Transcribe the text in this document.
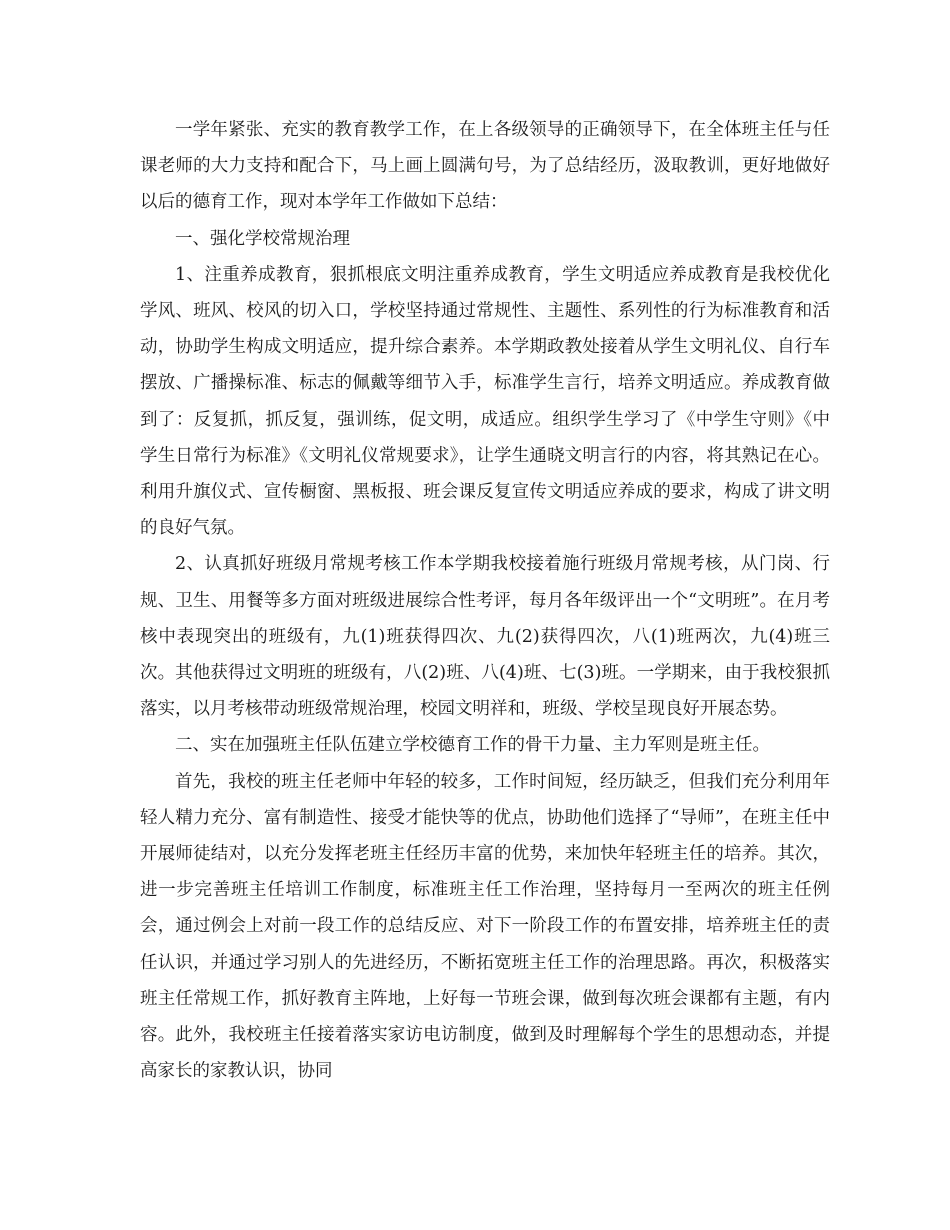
一学年紧张、充实的教育教学工作，在上各级领导的正确领导下，在全体班主任与任课老师的大力支持和配合下，马上画上圆满句号，为了总结经历，汲取教训，更好地做好以后的德育工作，现对本学年工作做如下总结：

一、强化学校常规治理

1、注重养成教育，狠抓根底文明注重养成教育，学生文明适应养成教育是我校优化学风、班风、校风的切入口，学校坚持通过常规性、主题性、系列性的行为标准教育和活动，协助学生构成文明适应，提升综合素养。本学期政教处接着从学生文明礼仪、自行车摆放、广播操标准、标志的佩戴等细节入手，标准学生言行，培养文明适应。养成教育做到了：反复抓，抓反复，强训练，促文明，成适应。组织学生学习了《中学生守则》《中学生日常行为标准》《文明礼仪常规要求》，让学生通晓文明言行的内容，将其熟记在心。利用升旗仪式、宣传橱窗、黑板报、班会课反复宣传文明适应养成的要求，构成了讲文明的良好气氛。

2、认真抓好班级月常规考核工作本学期我校接着施行班级月常规考核，从门岗、行规、卫生、用餐等多方面对班级进展综合性考评，每月各年级评出一个“文明班”。在月考核中表现突出的班级有，九(1)班获得四次、九(2)获得四次，八(1)班两次，九(4)班三次。其他获得过文明班的班级有，八(2)班、八(4)班、七(3)班。一学期来，由于我校狠抓落实，以月考核带动班级常规治理，校园文明祥和，班级、学校呈现良好开展态势。

二、实在加强班主任队伍建立学校德育工作的骨干力量、主力军则是班主任。

首先，我校的班主任老师中年轻的较多，工作时间短，经历缺乏，但我们充分利用年轻人精力充分、富有制造性、接受才能快等的优点，协助他们选择了“导师”，在班主任中开展师徒结对，以充分发挥老班主任经历丰富的优势，来加快年轻班主任的培养。其次，进一步完善班主任培训工作制度，标准班主任工作治理，坚持每月一至两次的班主任例会，通过例会上对前一段工作的总结反应、对下一阶段工作的布置安排，培养班主任的责任认识，并通过学习别人的先进经历，不断拓宽班主任工作的治理思路。再次，积极落实班主任常规工作，抓好教育主阵地，上好每一节班会课，做到每次班会课都有主题，有内容。此外，我校班主任接着落实家访电访制度，做到及时理解每个学生的思想动态，并提高家长的家教认识，协同
